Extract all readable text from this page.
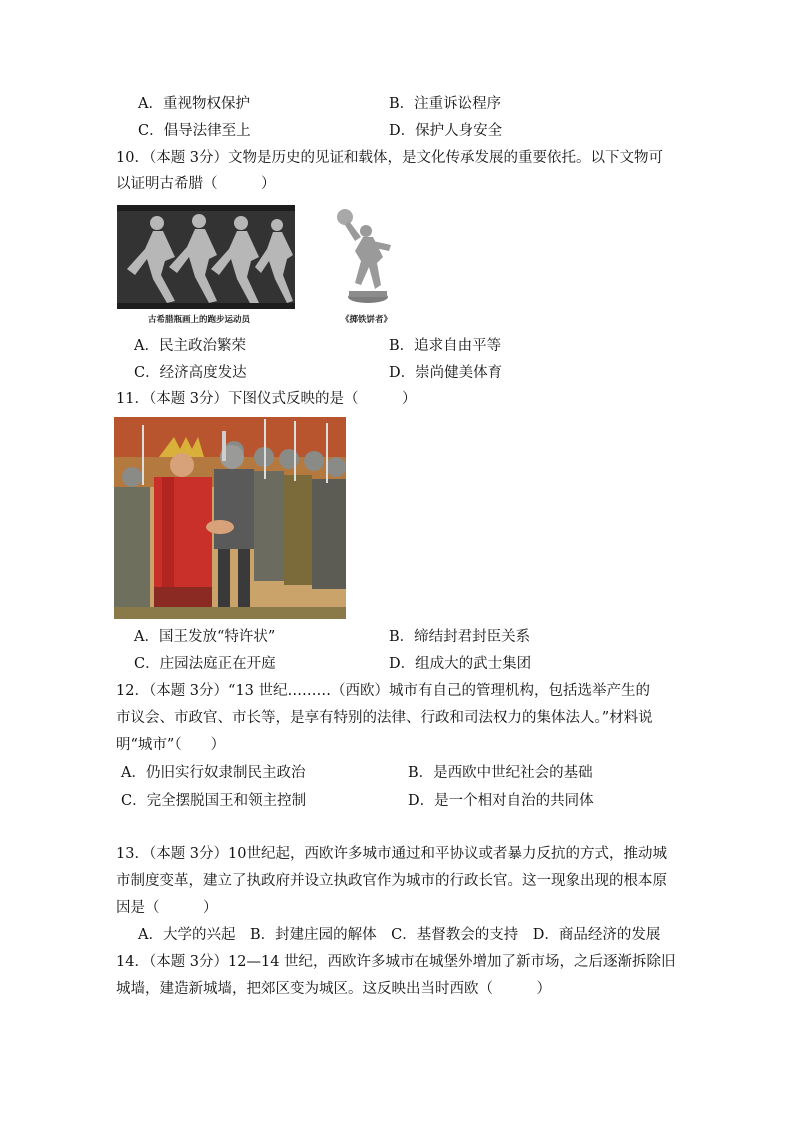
A．重视物权保护	B．注重诉讼程序
C．倡导法律至上	D．保护人身安全
10．（本题 3分）文物是历史的见证和载体，是文化传承发展的重要依托。以下文物可
以证明古希腊（　　　）
古希腊瓶画上的跑步运动员	《掷铁饼者》
A．民主政治繁荣	B．追求自由平等
C．经济高度发达	D．崇尚健美体育
11．（本题 3分）下图仪式反映的是（　　　）
A．国王发放“特许状”	B．缔结封君封臣关系
C．庄园法庭正在开庭	D．组成大的武士集团
12．（本题 3分）“13 世纪………（西欧）城市有自己的管理机构，包括选举产生的
市议会、市政官、市长等，是享有特别的法律、行政和司法权力的集体法人。”材料说
明“城市”（　　）
A．仍旧实行奴隶制民主政治	B．是西欧中世纪社会的基础
C．完全摆脱国王和领主控制	D．是一个相对自治的共同体
13．（本题 3分）10世纪起，西欧许多城市通过和平协议或者暴力反抗的方式，推动城
市制度变革，建立了执政府并设立执政官作为城市的行政长官。这一现象出现的根本原
因是（　　　）
A．大学的兴起　B．封建庄园的解体　C．基督教会的支持　D．商品经济的发展
14．（本题 3分）12—14 世纪，西欧许多城市在城堡外增加了新市场，之后逐渐拆除旧
城墙，建造新城墙，把郊区变为城区。这反映出当时西欧（　　　）
